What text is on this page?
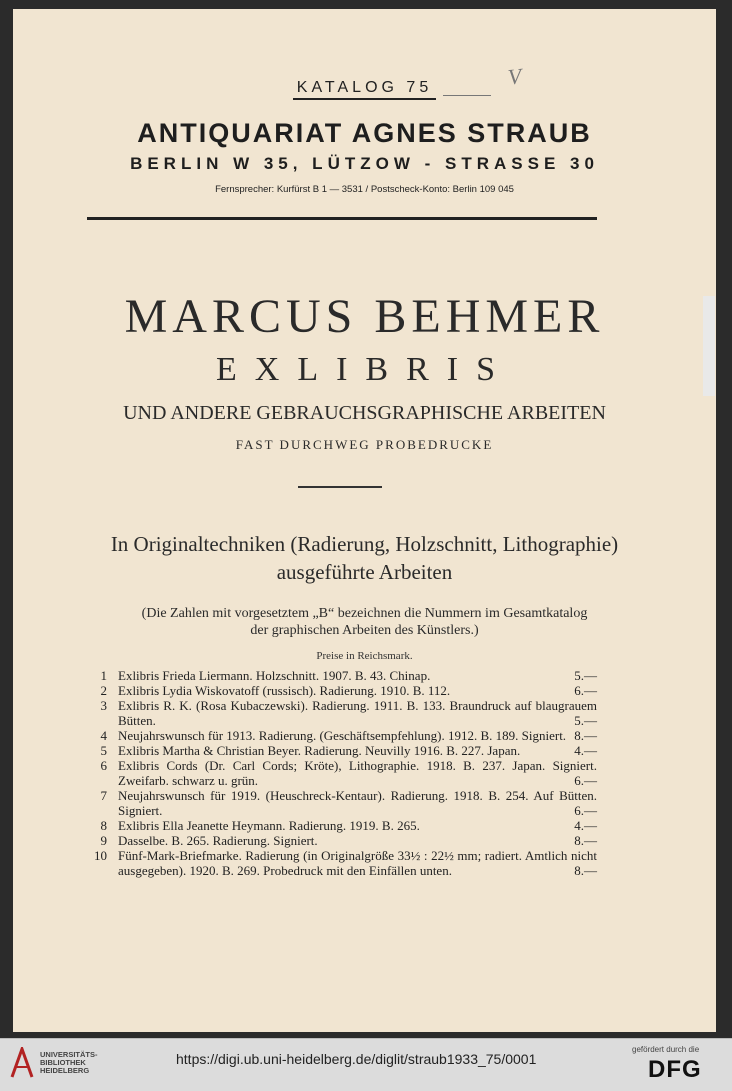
KATALOG 75	V
ANTIQUARIAT AGNES STRAUB
BERLIN W 35, LÜTZOW - STRASSE 30
Fernsprecher: Kurfürst B 1 — 3531 / Postscheck-Konto: Berlin 109 045
MARCUS BEHMER
EXLIBRIS
UND ANDERE GEBRAUCHSGRAPHISCHE ARBEITEN
FAST DURCHWEG PROBEDRUCKE
In Originaltechniken (Radierung, Holzschnitt, Lithographie)
ausgeführte Arbeiten
(Die Zahlen mit vorgesetztem „B“ bezeichnen die Nummern im Gesamtkatalog
der graphischen Arbeiten des Künstlers.)
Preise in Reichsmark.
1 Exlibris Frieda Liermann. Holzschnitt. 1907. B. 43. Chinap.	5.—
2 Exlibris Lydia Wiskovatoff (russisch). Radierung. 1910. B. 112.	6.—
3 Exlibris R. K. (Rosa Kubaczewski). Radierung. 1911. B. 133. Braundruck auf blaugrauem Bütten.	5.—
4 Neujahrswunsch für 1913. Radierung. (Geschäftsempfehlung). 1912. B. 189. Signiert. 8.—
5 Exlibris Martha & Christian Beyer. Radierung. Neuvilly 1916. B. 227. Japan.	4.—
6 Exlibris Cords (Dr. Carl Cords; Kröte), Lithographie. 1918. B. 237. Japan. Signiert. Zweifarb. schwarz u. grün.	6.—
7 Neujahrswunsch für 1919. (Heuschreck-Kentaur). Radierung. 1918. B. 254. Auf Bütten. Signiert.	6.—
8 Exlibris Ella Jeanette Heymann. Radierung. 1919. B. 265.	4.—
9 Dasselbe. B. 265. Radierung. Signiert.	8.—
10 Fünf-Mark-Briefmarke. Radierung (in Originalgröße 33½ : 22½ mm; radiert. Amtlich nicht ausgegeben). 1920. B. 269. Probedruck mit den Einfällen unten.	8.—
UNIVERSITÄTS-
BIBLIOTHEK
HEIDELBERG
https://digi.ub.uni-heidelberg.de/diglit/straub1933_75/0001
gefördert durch die
DFG
